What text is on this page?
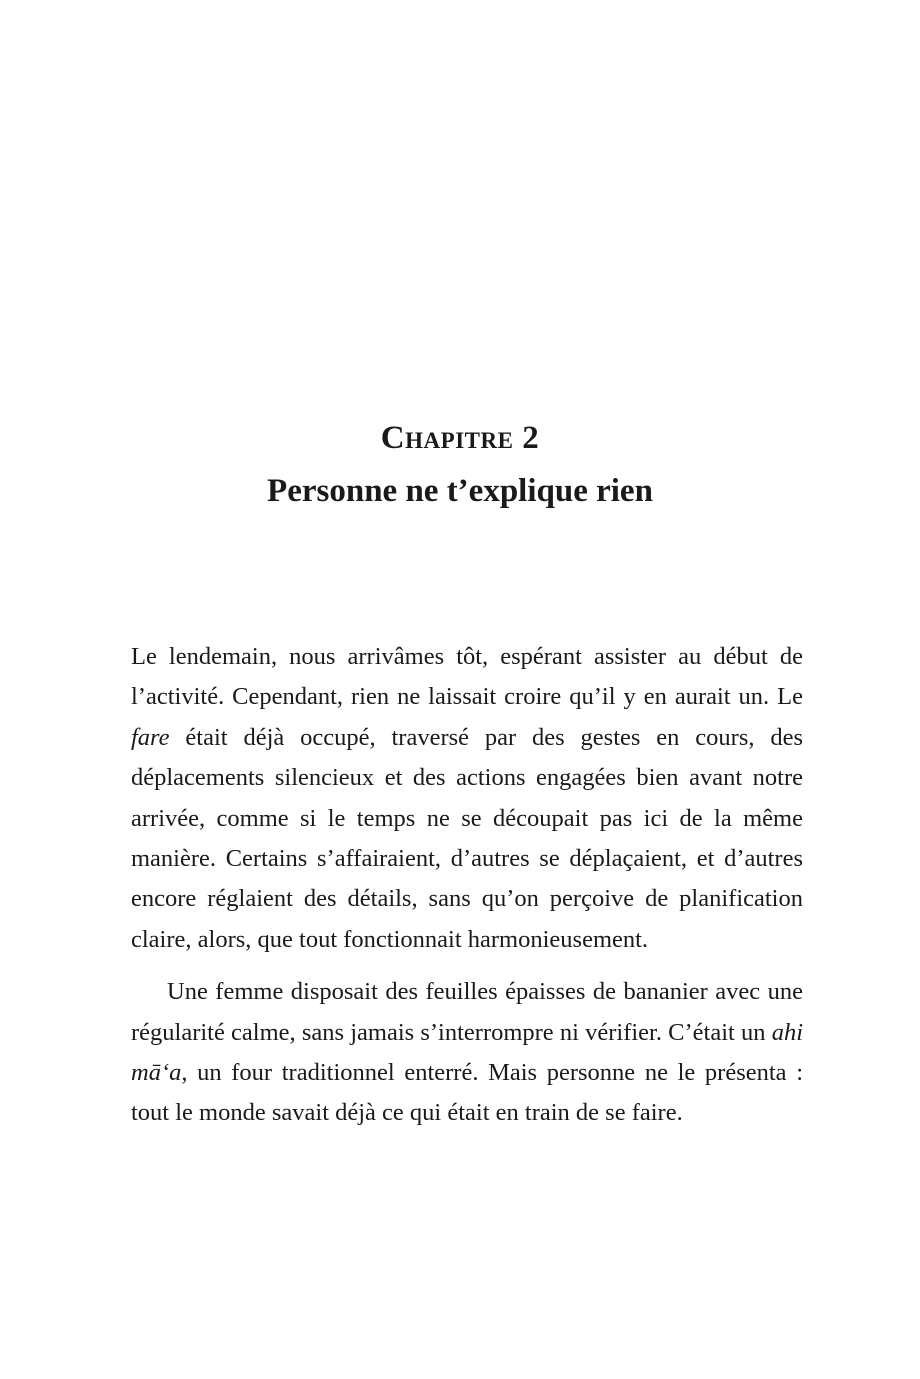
Chapitre 2
Personne ne t’explique rien

Le lendemain, nous arrivâmes tôt, espérant assister au début de l’activité. Cependant, rien ne laissait croire qu’il y en aurait un. Le fare était déjà occupé, traversé par des gestes en cours, des déplacements silencieux et des actions engagées bien avant notre arrivée, comme si le temps ne se découpait pas ici de la même manière. Certains s’affairaient, d’autres se déplaçaient, et d’autres encore réglaient des détails, sans qu’on perçoive de planification claire, alors, que tout fonctionnait harmonieusement.

Une femme disposait des feuilles épaisses de bananier avec une régularité calme, sans jamais s’interrompre ni vérifier. C’était un ahi māʻa, un four traditionnel enterré. Mais personne ne le présenta : tout le monde savait déjà ce qui était en train de se faire.
